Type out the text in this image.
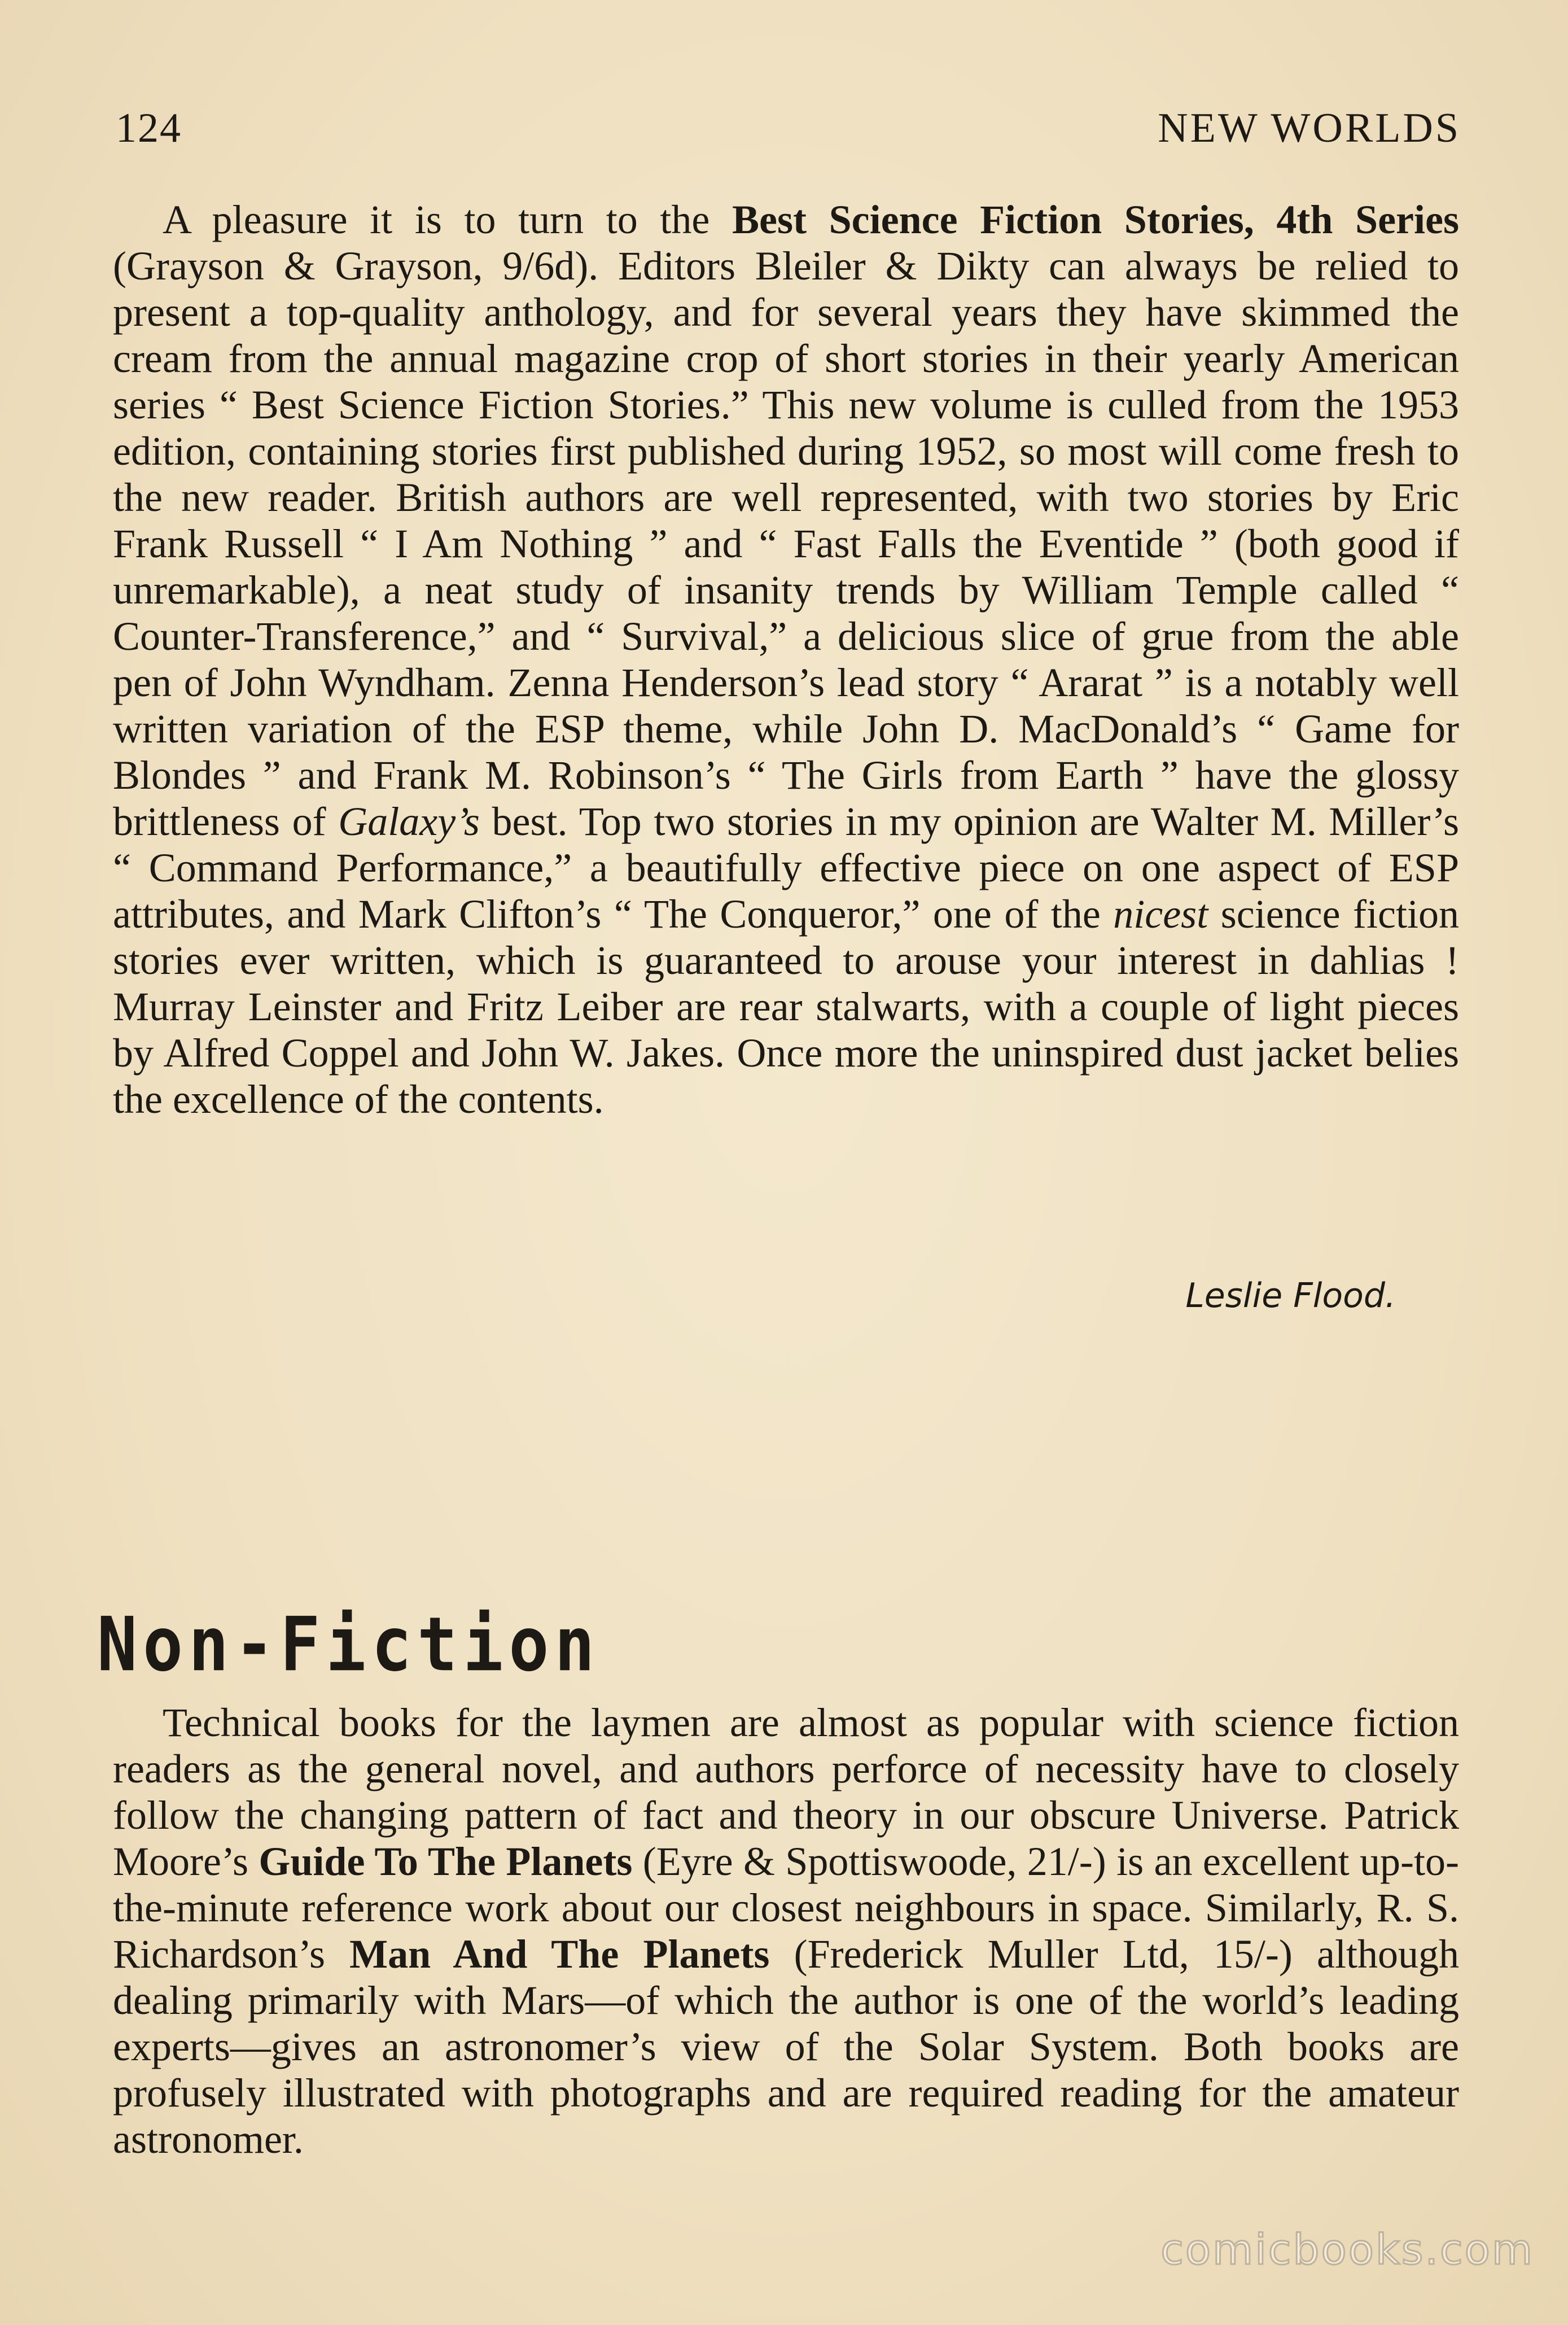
124	NEW WORLDS

A pleasure it is to turn to the Best Science Fiction Stories, 4th Series (Grayson & Grayson, 9/6d). Editors Bleiler & Dikty can always be relied to present a top-quality anthology, and for several years they have skimmed the cream from the annual magazine crop of short stories in their yearly American series “ Best Science Fiction Stories.” This new volume is culled from the 1953 edition, containing stories first published during 1952, so most will come fresh to the new reader. British authors are well represented, with two stories by Eric Frank Russell “ I Am Nothing ” and “ Fast Falls the Eventide ” (both good if unremarkable), a neat study of insanity trends by William Temple called “ Counter-Transference,” and “ Survival,” a delicious slice of grue from the able pen of John Wyndham. Zenna Henderson’s lead story “ Ararat ” is a notably well written variation of the ESP theme, while John D. MacDonald’s “ Game for Blondes ” and Frank M. Robinson’s “ The Girls from Earth ” have the glossy brittleness of Galaxy’s best. Top two stories in my opinion are Walter M. Miller’s “ Command Performance,” a beautifully effective piece on one aspect of ESP attributes, and Mark Clifton’s “ The Conqueror,” one of the nicest science fiction stories ever written, which is guaranteed to arouse your interest in dahlias ! Murray Leinster and Fritz Leiber are rear stalwarts, with a couple of light pieces by Alfred Coppel and John W. Jakes. Once more the uninspired dust jacket belies the excellence of the contents.

Leslie Flood.
Non-Fiction

Technical books for the laymen are almost as popular with science fiction readers as the general novel, and authors perforce of necessity have to closely follow the changing pattern of fact and theory in our obscure Universe. Patrick Moore’s Guide To The Planets (Eyre & Spottiswoode, 21/-) is an excellent up-to-the-minute reference work about our closest neighbours in space. Similarly, R. S. Richardson’s Man And The Planets (Frederick Muller Ltd, 15/-) although dealing primarily with Mars—of which the author is one of the world’s leading experts—gives an astronomer’s view of the Solar System. Both books are profusely illustrated with photographs and are required reading for the amateur astronomer.

comicbooks.com
